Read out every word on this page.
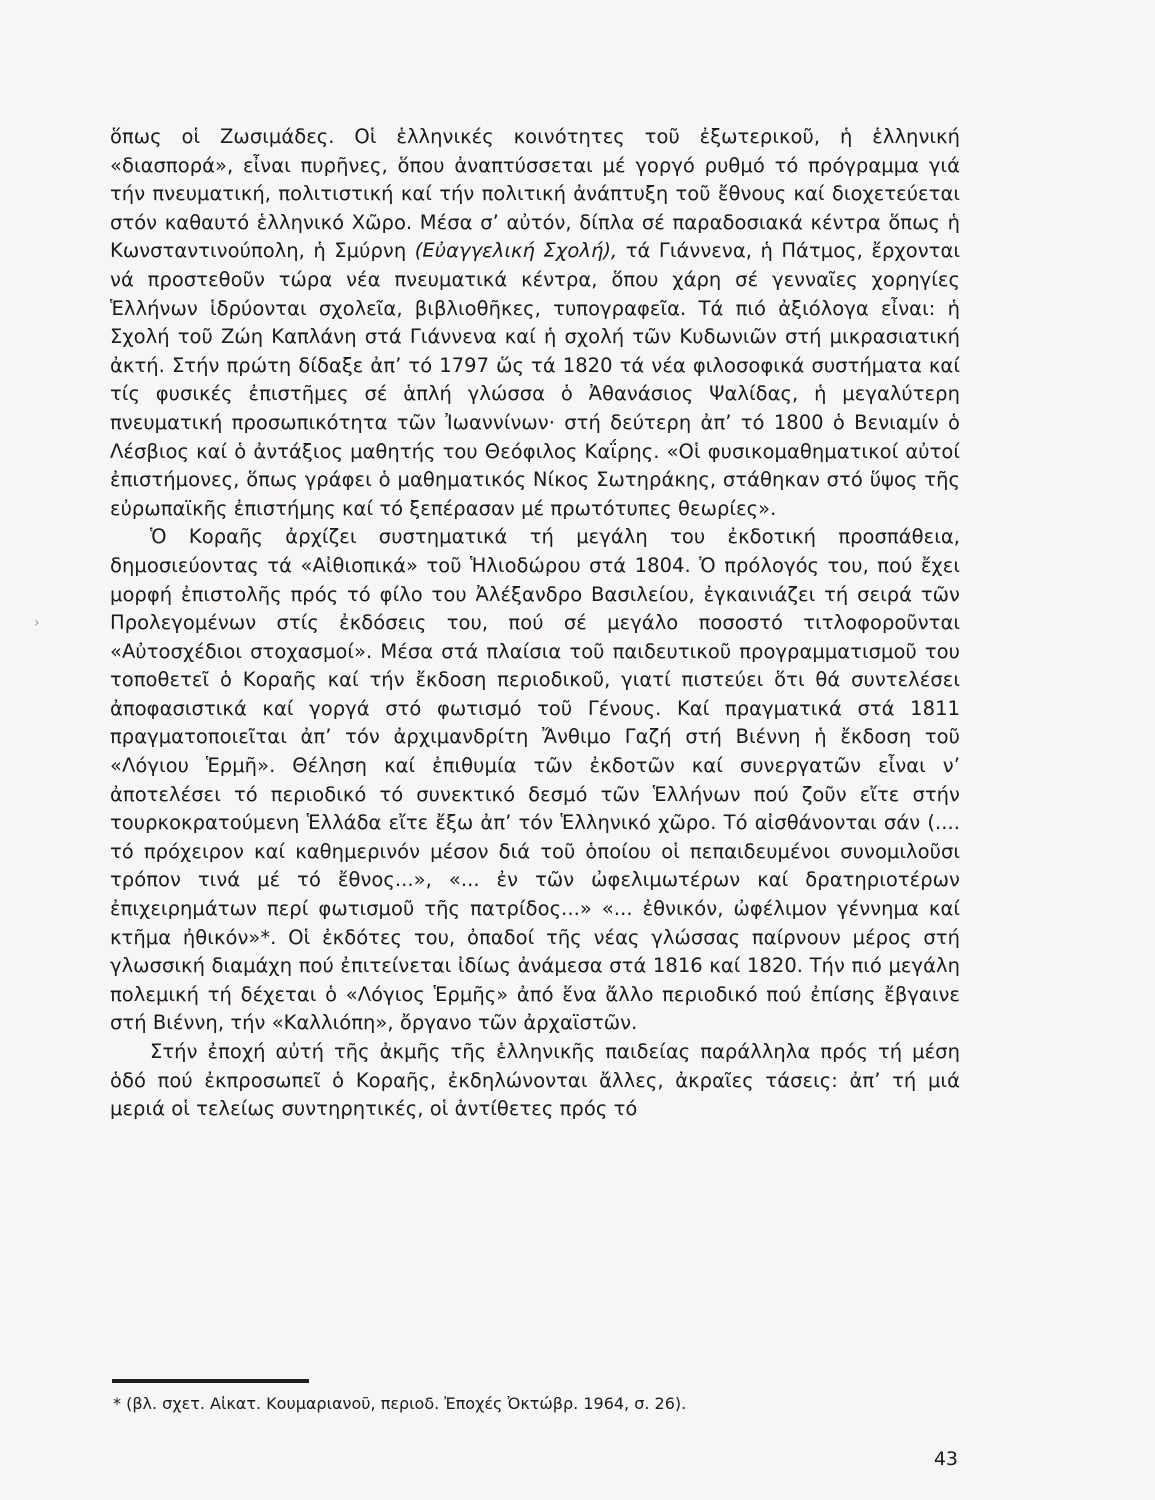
ὅπως οἱ Ζωσιμάδες. Οἱ ἑλληνικές κοινότητες τοῦ ἐξωτερικοῦ, ἡ ἑλληνική «διασπορά», εἶναι πυρῆνες, ὅπου ἀναπτύσσεται μέ γοργό ρυθμό τό πρόγραμμα γιά τήν πνευματική, πολιτιστική καί τήν πολιτική ἀνάπτυξη τοῦ ἔθνους καί διοχετεύεται στόν καθαυτό ἑλληνικό Χῶρο. Μέσα σ’ αὐτόν, δίπλα σέ παραδοσιακά κέντρα ὅπως ἡ Κωνσταντινούπολη, ἡ Σμύρνη (Εὐαγγελική Σχολή), τά Γιάννενα, ἡ Πάτμος, ἔρχονται νά προστεθοῦν τώρα νέα πνευματικά κέντρα, ὅπου χάρη σέ γενναῖες χορηγίες Ἑλλήνων ἱδρύονται σχολεῖα, βιβλιοθῆκες, τυπογραφεῖα. Τά πιό ἀξιόλογα εἶναι: ἡ Σχολή τοῦ Ζώη Καπλάνη στά Γιάννενα καί ἡ σχολή τῶν Κυδωνιῶν στή μικρασιατική ἀκτή. Στήν πρώτη δίδαξε ἀπ’ τό 1797 ὥς τά 1820 τά νέα φιλοσοφικά συστήματα καί τίς φυσικές ἐπιστῆμες σέ ἁπλή γλώσσα ὁ Ἀθανάσιος Ψαλίδας, ἡ μεγαλύτερη πνευματική προσωπικότητα τῶν Ἰωαννίνων· στή δεύτερη ἀπ’ τό 1800 ὁ Βενιαμίν ὁ Λέσβιος καί ὁ ἀντάξιος μαθητής του Θεόφιλος Καΐρης. «Οἱ φυσικομαθηματικοί αὐτοί ἐπιστήμονες, ὅπως γράφει ὁ μαθηματικός Νίκος Σωτηράκης, στάθηκαν στό ὕψος τῆς εὐρωπαϊκῆς ἐπιστήμης καί τό ξεπέρασαν μέ πρωτότυπες θεωρίες».

Ὁ Κοραῆς ἀρχίζει συστηματικά τή μεγάλη του ἐκδοτική προσπάθεια, δημοσιεύοντας τά «Αἰθιοπικά» τοῦ Ἡλιοδώρου στά 1804. Ὁ πρόλογός του, πού ἔχει μορφή ἐπιστολῆς πρός τό φίλο του Ἀλέξανδρο Βασιλείου, ἐγκαινιάζει τή σειρά τῶν Προλεγομένων στίς ἐκδόσεις του, πού σέ μεγάλο ποσοστό τιτλοφοροῦνται «Αὐτοσχέδιοι στοχασμοί». Μέσα στά πλαίσια τοῦ παιδευτικοῦ προγραμματισμοῦ του τοποθετεῖ ὁ Κοραῆς καί τήν ἔκδοση περιοδικοῦ, γιατί πιστεύει ὅτι θά συντελέσει ἀποφασιστικά καί γοργά στό φωτισμό τοῦ Γένους. Καί πραγματικά στά 1811 πραγματοποιεῖται ἀπ’ τόν ἀρχιμανδρίτη Ἄνθιμο Γαζή στή Βιέννη ἡ ἔκδοση τοῦ «Λόγιου Ἑρμῆ». Θέληση καί ἐπιθυμία τῶν ἐκδοτῶν καί συνεργατῶν εἶναι ν’ ἀποτελέσει τό περιοδικό τό συνεκτικό δεσμό τῶν Ἑλλήνων πού ζοῦν εἴτε στήν τουρκοκρατούμενη Ἑλλάδα εἴτε ἔξω ἀπ’ τόν Ἑλληνικό χῶρο. Τό αἰσθάνονται σάν (.... τό πρόχειρον καί καθημερινόν μέσον διά τοῦ ὁποίου οἱ πεπαιδευμένοι συνομιλοῦσι τρόπον τινά μέ τό ἔθνος...», «... ἐν τῶν ὠφελιμωτέρων καί δρατηριοτέρων ἐπιχειρημάτων περί φωτισμοῦ τῆς πατρίδος...» «... ἐθνικόν, ὠφέλιμον γέννημα καί κτῆμα ἠθικόν»*. Οἱ ἐκδότες του, ὀπαδοί τῆς νέας γλώσσας παίρνουν μέρος στή γλωσσική διαμάχη πού ἐπιτείνεται ἰδίως ἀνάμεσα στά 1816 καί 1820. Τήν πιό μεγάλη πολεμική τή δέχεται ὁ «Λόγιος Ἑρμῆς» ἀπό ἕνα ἄλλο περιοδικό πού ἐπίσης ἔβγαινε στή Βιέννη, τήν «Καλλιόπη», ὄργανο τῶν ἀρχαϊστῶν.

Στήν ἐποχή αὐτή τῆς ἀκμῆς τῆς ἑλληνικῆς παιδείας παράλληλα πρός τή μέση ὁδό πού ἐκπροσωπεῖ ὁ Κοραῆς, ἐκδηλώνονται ἄλλες, ἀκραῖες τάσεις: ἀπ’ τή μιά μεριά οἱ τελείως συντηρητικές, οἱ ἀντίθετες πρός τό

›
* (βλ. σχετ. Αἰκατ. Κουμαριανοῦ, περιοδ. Ἐποχές Ὀκτώβρ. 1964, σ. 26).
43
